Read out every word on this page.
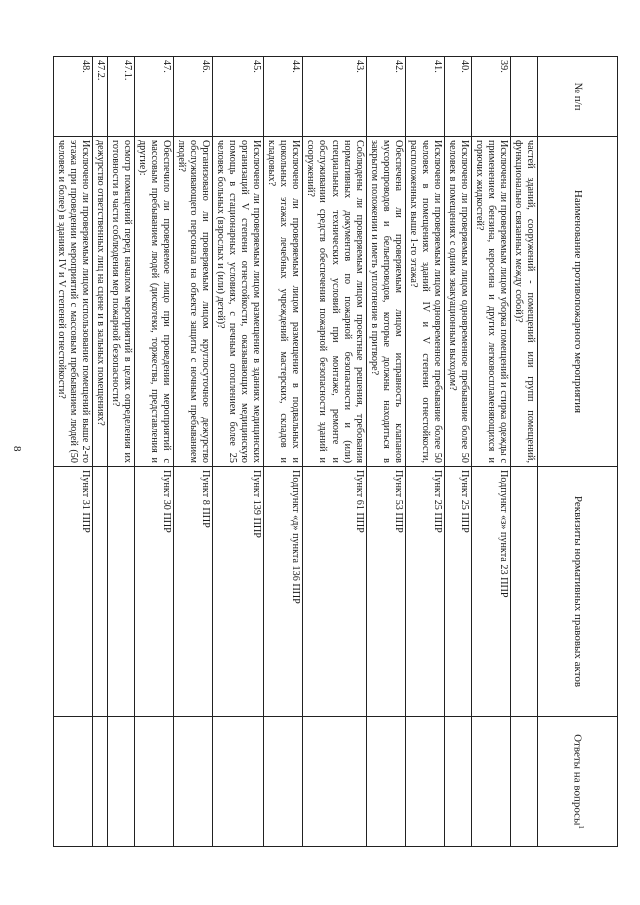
8
№ п/п	Наименование противопожарного мероприятия	Реквизиты нормативных правовых актов	Ответы на вопросы$^1$
	частей зданий, сооружений - помещений или групп помещений, функционально связанных между собой)?		
39.	Исключена ли проверяемым лицом уборка помещений и стирка одежды с применением бензина, керосина и других легковоспламеняющихся и горючих жидкостей?	Подпункт «з» пункта 23 ППР	
40.	Исключено ли проверяемым лицом одновременное пребывание более 50 человек в помещениях с одним эвакуационным выходом?	Пункт 25 ППР	
41.	Исключено ли проверяемым лицом одновременное пребывание более 50 человек в помещениях зданий IV и V степени огнестойкости, расположенных выше 1-го этажа?	Пункт 25 ППР	
42.	Обеспечена ли проверяемым лицом исправность клапанов мусоропроводов и бельепроводов, которые должны находиться в закрытом положении и иметь уплотнение в притворе?	Пункт 53 ППР	
43.	Соблюдены ли проверяемым лицом проектные решения, требования нормативных документов по пожарной безопасности и (или) специальных технических условий при монтаже, ремонте и обслуживании средств обеспечения пожарной безопасности зданий и сооружений?	Пункт 61 ППР	
44.	Исключено ли проверяемым лицом размещение в подвальных и цокольных этажах лечебных учреждений мастерских, складов и кладовых?	Подпункт «д» пункта 136 ППР	
45.	Исключено ли проверяемым лицом размещение в зданиях медицинских организаций V степени огнестойкости, оказывающих медицинскую помощь в стационарных условиях, с печным отоплением более 25 человек больных (взрослых и (или) детей)?	Пункт 139 ППР	
46.	Организовано ли проверяемым лицом круглосуточное дежурство обслуживающего персонала на объекте защиты с ночным пребыванием людей?	Пункт 8 ППР	
47.	Обеспечило ли проверяемое лицо при проведении мероприятий с массовым пребыванием людей (дискотеки, торжества, представления и другие):	Пункт 30 ППР	
47.1.	осмотр помещений перед началом мероприятий в целях определения их готовности в части соблюдения мер пожарной безопасности?		
47.2.	дежурство ответственных лиц на сцене и в зальных помещениях?		
48.	Исключено ли проверяемым лицом использование помещений выше 2-го этажа при проведении мероприятий с массовым пребыванием людей (50 человек и более) в зданиях IV и V степеней огнестойкости?	Пункт 31 ППР	
